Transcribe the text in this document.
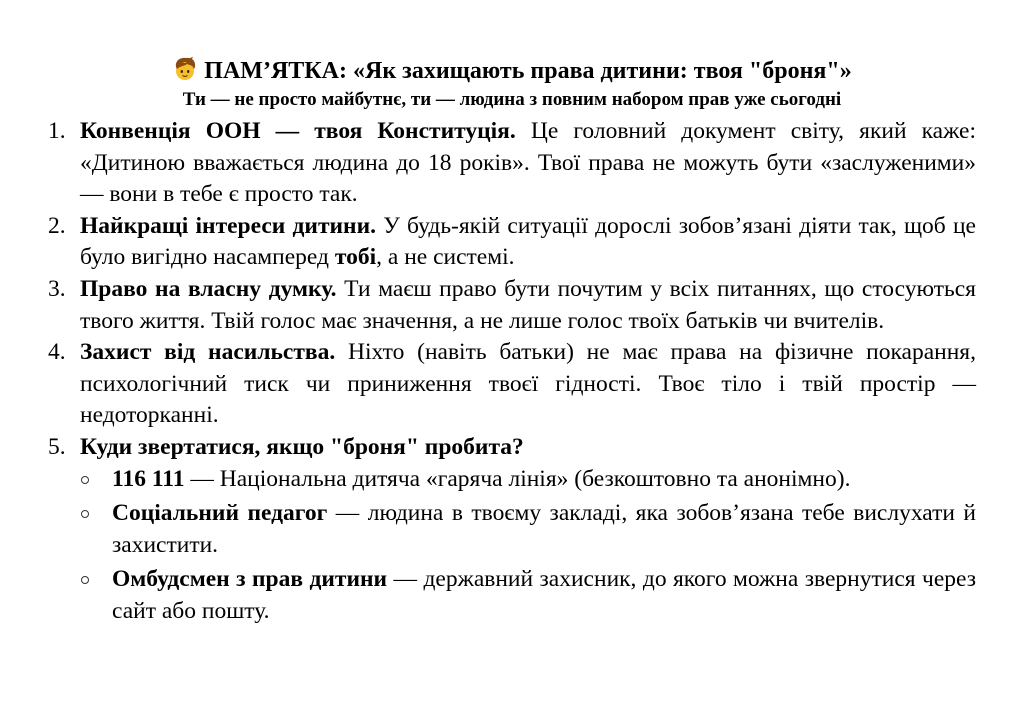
ПАМ’ЯТКА: «Як захищають права дитини: твоя "броня"»
Ти — не просто майбутнє, ти — людина з повним набором прав уже сьогодні
1. Конвенція ООН — твоя Конституція. Це головний документ світу, який каже: «Дитиною вважається людина до 18 років». Твої права не можуть бути «заслуженими» — вони в тебе є просто так.
2. Найкращі інтереси дитини. У будь-якій ситуації дорослі зобов’язані діяти так, щоб це було вигідно насамперед тобі, а не системі.
3. Право на власну думку. Ти маєш право бути почутим у всіх питаннях, що стосуються твого життя. Твій голос має значення, а не лише голос твоїх батьків чи вчителів.
4. Захист від насильства. Ніхто (навіть батьки) не має права на фізичне покарання, психологічний тиск чи приниження твоєї гідності. Твоє тіло і твій простір — недоторканні.
5. Куди звертатися, якщо "броня" пробита?
116 111 — Національна дитяча «гаряча лінія» (безкоштовно та анонімно).
Соціальний педагог — людина в твоєму закладі, яка зобов’язана тебе вислухати й захистити.
Омбудсмен з прав дитини — державний захисник, до якого можна звернутися через сайт або пошту.
